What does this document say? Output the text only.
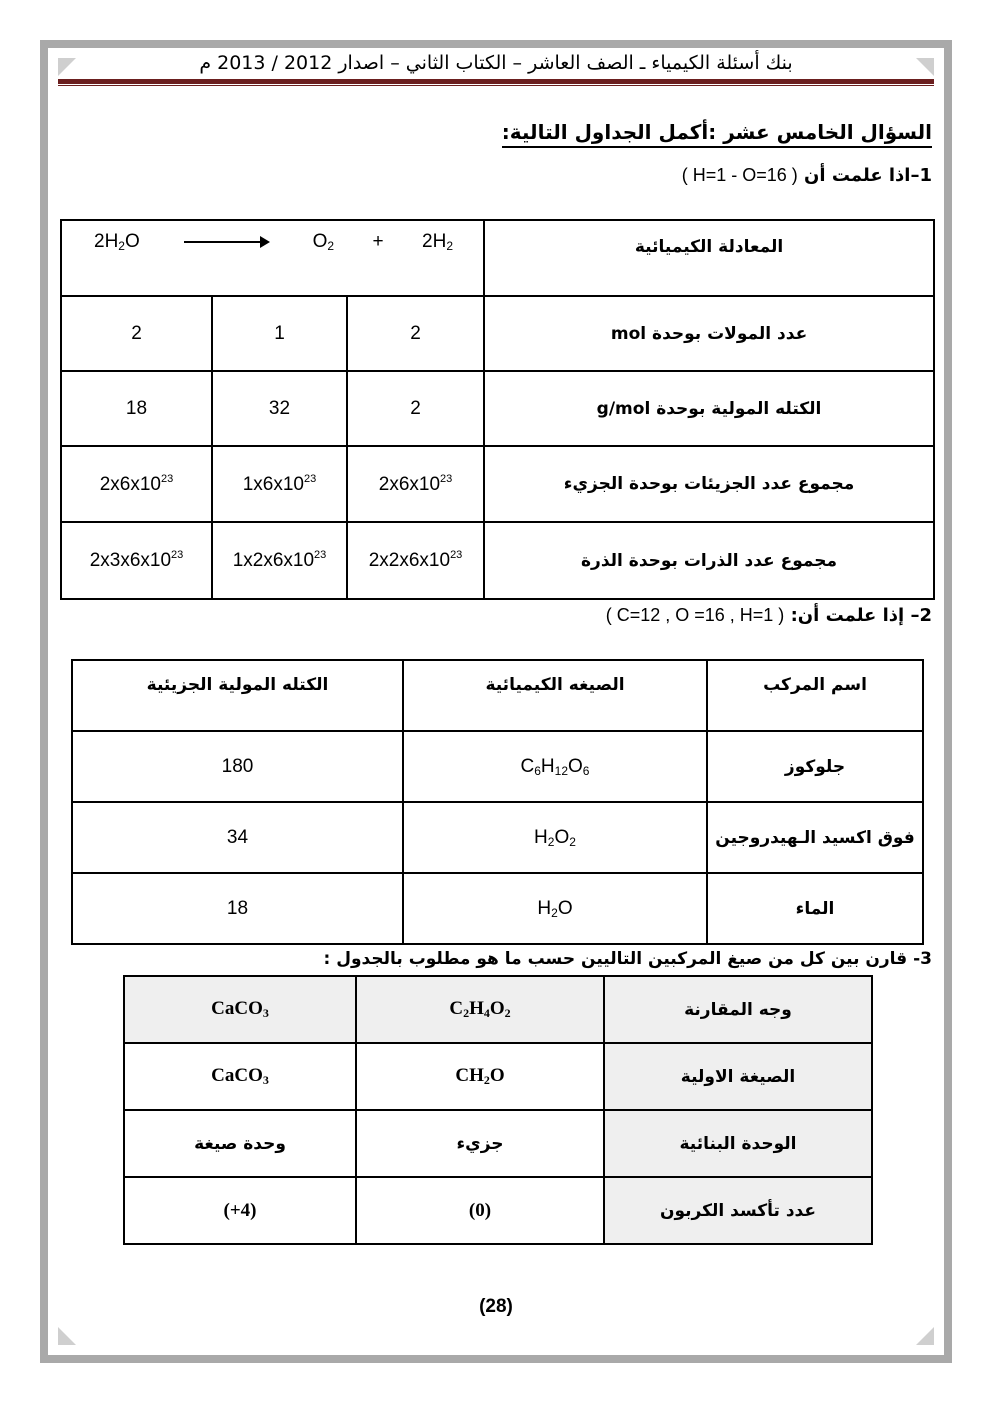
بنك أسئلة الكيمياء ـ الصف العاشر – الكتاب الثاني – اصدار 2012 / 2013 م
السؤال الخامس عشر :أكمل الجداول التالية:
1–اذا علمت أن ( H=1 - O=16 )
$2H_2O$ $O_2 + 2H_2$			المعادلة الكيميائية
2	1	2	عدد المولات بوحدة mol
18	32	2	الكتله المولية بوحدة g/mol
$2x6x10^{23}$	$1x6x10^{23}$	$2x6x10^{23}$	مجموع عدد الجزيئات بوحدة الجزيء
$2x3x6x10^{23}$	$1x2x6x10^{23}$	$2x2x6x10^{23}$	مجموع عدد الذرات بوحدة الذرة
2– إذا علمت أن: ( C=12 , O =16 , H=1 )
الكتله المولية الجزيئية	الصيغه الكيميائية	اسم المركب
180	$C_6H_{12}O_6$	جلوكوز
34	$H_2O_2$	فوق اكسيد الـهيدروجين
18	$H_2O$	الماء
3- قارن بين كل من صيغ المركبين التاليين حسب ما هو مطلوب بالجدول :
CaCO$_3$	$C_2H_4O_2$	وجه المقارنة
CaCO$_3$	$CH_2O$	الصيغة الاولية
وحدة صيغة	جزيء	الوحدة البنائية
(+4)	(0)	عدد تأكسد الكربون
(28)
